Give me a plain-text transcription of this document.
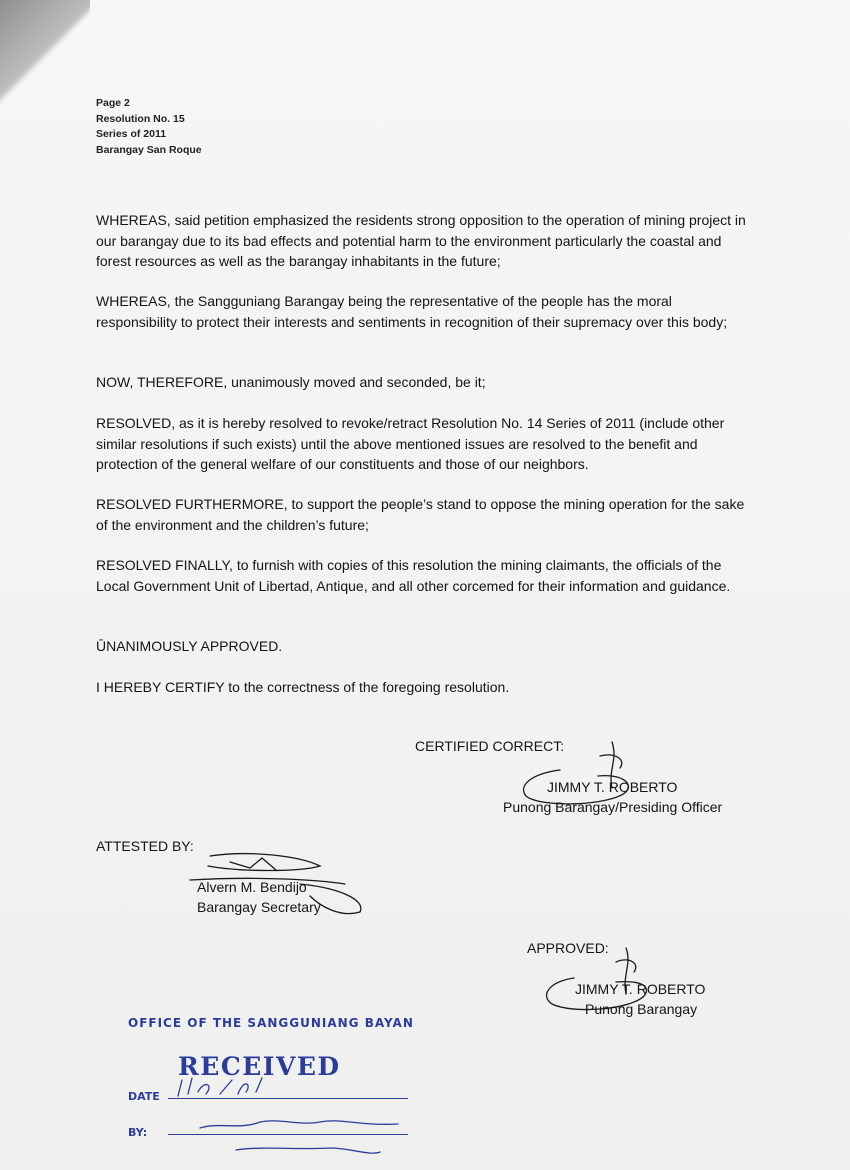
Page 2
Resolution No. 15
Series of 2011
Barangay San Roque

WHEREAS, said petition emphasized the residents strong opposition to the operation of mining project in our barangay due to its bad effects and potential harm to the environment particularly the coastal and forest resources as well as the barangay inhabitants in the future;

WHEREAS, the Sangguniang Barangay being the representative of the people has the moral responsibility to protect their interests and sentiments in recognition of their supremacy over this body;

NOW, THEREFORE, unanimously moved and seconded, be it;

RESOLVED, as it is hereby resolved to revoke/retract Resolution No. 14 Series of 2011 (include other similar resolutions if such exists) until the above mentioned issues are resolved to the benefit and protection of the general welfare of our constituents and those of our neighbors.

RESOLVED FURTHERMORE, to support the people’s stand to oppose the mining operation for the sake of the environment and the children’s future;

RESOLVED FINALLY, to furnish with copies of this resolution the mining claimants, the officials of the Local Government Unit of Libertad, Antique, and all other corcemed for their information and guidance.

ŪNANIMOUSLY APPROVED.

I HEREBY CERTIFY to the correctness of the foregoing resolution.

CERTIFIED CORRECT:
JIMMY T. ROBERTO
Punong Barangay/Presiding Officer
ATTESTED BY:
Alvern M. Bendijo
Barangay Secretary
APPROVED:
JIMMY T. ROBERTO
Punong Barangay
OFFICE OF THE SANGGUNIANG BAYAN
RECEIVED
DATE
BY:
